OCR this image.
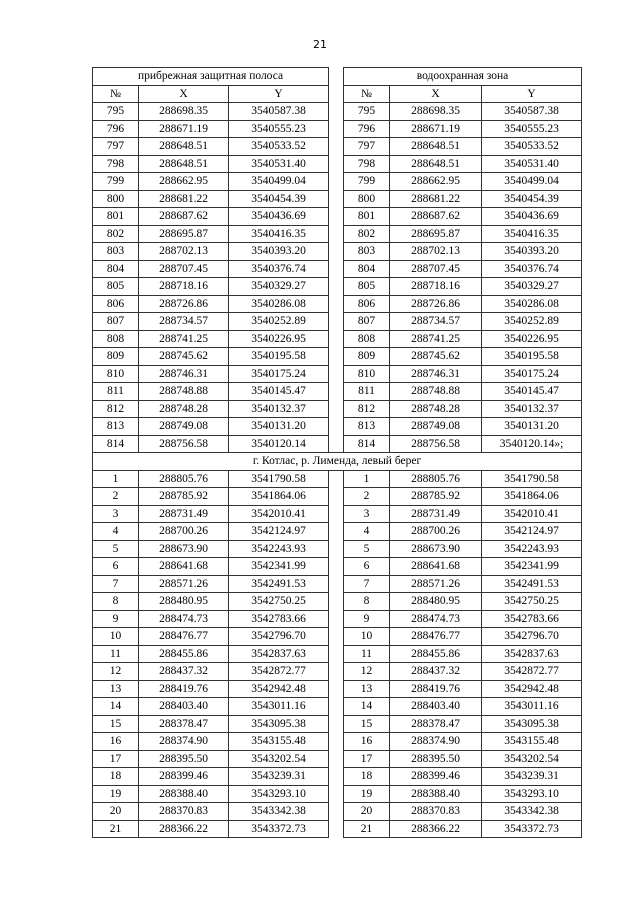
21
прибрежная защитная полоса				водоохранная зона		
№	X	Y		№	X	Y
795	288698.35	3540587.38		795	288698.35	3540587.38
796	288671.19	3540555.23		796	288671.19	3540555.23
797	288648.51	3540533.52		797	288648.51	3540533.52
798	288648.51	3540531.40		798	288648.51	3540531.40
799	288662.95	3540499.04		799	288662.95	3540499.04
800	288681.22	3540454.39		800	288681.22	3540454.39
801	288687.62	3540436.69		801	288687.62	3540436.69
802	288695.87	3540416.35		802	288695.87	3540416.35
803	288702.13	3540393.20		803	288702.13	3540393.20
804	288707.45	3540376.74		804	288707.45	3540376.74
805	288718.16	3540329.27		805	288718.16	3540329.27
806	288726.86	3540286.08		806	288726.86	3540286.08
807	288734.57	3540252.89		807	288734.57	3540252.89
808	288741.25	3540226.95		808	288741.25	3540226.95
809	288745.62	3540195.58		809	288745.62	3540195.58
810	288746.31	3540175.24		810	288746.31	3540175.24
811	288748.88	3540145.47		811	288748.88	3540145.47
812	288748.28	3540132.37		812	288748.28	3540132.37
813	288749.08	3540131.20		813	288749.08	3540131.20
814	288756.58	3540120.14		814	288756.58	3540120.14»;
г. Котлас, р. Лименда, левый берег						
1	288805.76	3541790.58		1	288805.76	3541790.58
2	288785.92	3541864.06		2	288785.92	3541864.06
3	288731.49	3542010.41		3	288731.49	3542010.41
4	288700.26	3542124.97		4	288700.26	3542124.97
5	288673.90	3542243.93		5	288673.90	3542243.93
6	288641.68	3542341.99		6	288641.68	3542341.99
7	288571.26	3542491.53		7	288571.26	3542491.53
8	288480.95	3542750.25		8	288480.95	3542750.25
9	288474.73	3542783.66		9	288474.73	3542783.66
10	288476.77	3542796.70		10	288476.77	3542796.70
11	288455.86	3542837.63		11	288455.86	3542837.63
12	288437.32	3542872.77		12	288437.32	3542872.77
13	288419.76	3542942.48		13	288419.76	3542942.48
14	288403.40	3543011.16		14	288403.40	3543011.16
15	288378.47	3543095.38		15	288378.47	3543095.38
16	288374.90	3543155.48		16	288374.90	3543155.48
17	288395.50	3543202.54		17	288395.50	3543202.54
18	288399.46	3543239.31		18	288399.46	3543239.31
19	288388.40	3543293.10		19	288388.40	3543293.10
20	288370.83	3543342.38		20	288370.83	3543342.38
21	288366.22	3543372.73		21	288366.22	3543372.73
